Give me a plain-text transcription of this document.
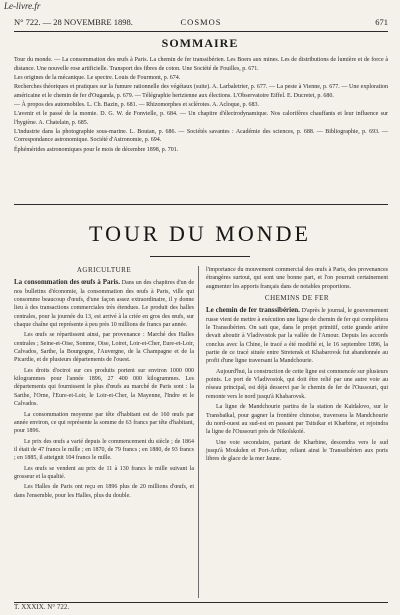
Le-livre.fr
N° 722. — 28 NOVEMBRE 1898.	COSMOS	671
SOMMAIRE

Tour du monde. — La consommation des œufs à Paris. La chemin de fer transsibérien. Les Boers aux mines. Les de distributions de lumière et de force à distance. Une nouvelle rose artificielle. Transport des fibres de coton. Une Société de Fouilles, p. 671.

Les origines de la mécanique. Le spectre. Louis de Fourmont, p. 674.

Recherches théoriques et pratiques sur la fumure rationnelle des végétaux (suite). A. Larbaletrier, p. 677. — La peste à Vienne, p. 677. — Une exploration américaine et le chemin de fer d'Ouganda, p. 679. — Télégraphie hertzienne aux élections. L'Observatoire Eiffel. E. Ducretet, p. 680.

— À propos des automobiles. L. Ch. Bazin, p. 681. — Rhizomorphes et sclérotes. A. Acloque, p. 683.

L'avenir et le passé de la momie. D. G. W. de Fonvielle, p. 684. — Un chapitre d'électrodynamique. Nos calorifères chauffants et leur influence sur l'hygiène. A. Chatelain, p. 685.

L'industrie dans la photographie sous-marine. L. Boutan, p. 686. — Sociétés savantes : Académie des sciences, p. 688. — Bibliographie, p. 693. — Correspondance astronomique. Société d'Astronomie, p. 694.

Éphémérides astronomiques pour le mois de décembre 1898, p. 701.

TOUR DU MONDE
AGRICULTURE

La consommation des œufs à Paris. Dans un des chapitres d'un de nos bulletins d'économie, la consommation des œufs à Paris, ville qui consomme beaucoup d'œufs, d'une façon assez extraordinaire, il y donne lieu à des transactions commerciales très étendues. Le produit des halles centrales, pour la journée du 13, est arrivé à la criée en gros des œufs, sur chaque chaîne qui représente à peu près 10 millions de francs par année.

Les œufs se répartissent ainsi, par provenance : Marché des Halles centrales ; Seine-et-Oise, Somme, Oise, Loiret, Loir-et-Cher, Eure-et-Loir, Calvados, Sarthe, la Bourgogne, l'Auvergne, de la Champagne et de la Picardie, et de plusieurs départements de l'ouest.

Les droits d'octroi sur ces produits portent sur environ 1000 000 kilogrammes pour l'année 1896, 27 400 000 kilogrammes. Les départements qui fournissent le plus d'œufs au marché de Paris sont : la Sarthe, l'Orne, l'Eure-et-Loir, le Loir-et-Cher, la Mayenne, l'Indre et le Calvados.

La consommation moyenne par tête d'habitant est de 160 œufs par année environ, ce qui représente la somme de 63 francs par tête d'habitant, pour 1896.

Le prix des œufs a varié depuis le commencement du siècle ; de 1864 il était de 47 francs le mille ; en 1870, de 79 francs ; en 1880, de 93 francs ; en 1885, il atteignit 104 francs le mille.

Les œufs se vendent au prix de 11 à 130 francs le mille suivant la grosseur et la qualité.

Les Halles de Paris ont reçu en 1896 plus de 20 millions d'œufs, et dans l'ensemble, pour les Halles, plus du double.

l'importance du mouvement commercial des œufs à Paris, des provenances étrangères surtout, qui sont une bonne part, et l'on pourrait certainement augmenter les apports français dans de notables proportions.

CHEMINS DE FER

Le chemin de fer transsibérien. D'après le journal, le gouvernement russe vient de mettre à exécution une ligne de chemin de fer qui complétera le Transsibérien. On sait que, dans le projet primitif, cette grande artère devait aboutir à Vladivostok par la vallée de l'Amour. Depuis les accords conclus avec la Chine, le tracé a été modifié et, le 16 septembre 1896, la partie de ce tracé située entre Stretensk et Khabarovsk fut abandonnée au profit d'une ligne traversant la Mandchourie.

Aujourd'hui, la construction de cette ligne est commencée sur plusieurs points. Le port de Vladivostok, qui doit être relié par une autre voie au réseau principal, est déjà desservi par le chemin de fer de l'Oussouri, qui remonte vers le nord jusqu'à Khabarovsk.

La ligne de Mandchourie partira de la station de Kaïdalovo, sur le Transbaïkal, pour gagner la frontière chinoise, traversera la Mandchourie du nord-ouest au sud-est en passant par Tsitsikar et Kharbine, et rejoindra la ligne de l'Oussouri près de Nikolskoïé.

Une voie secondaire, partant de Kharbine, descendra vers le sud jusqu'à Moukden et Port-Arthur, reliant ainsi le Transsibérien aux ports libres de glace de la mer Jaune.

T. XXXIX. N° 722.
